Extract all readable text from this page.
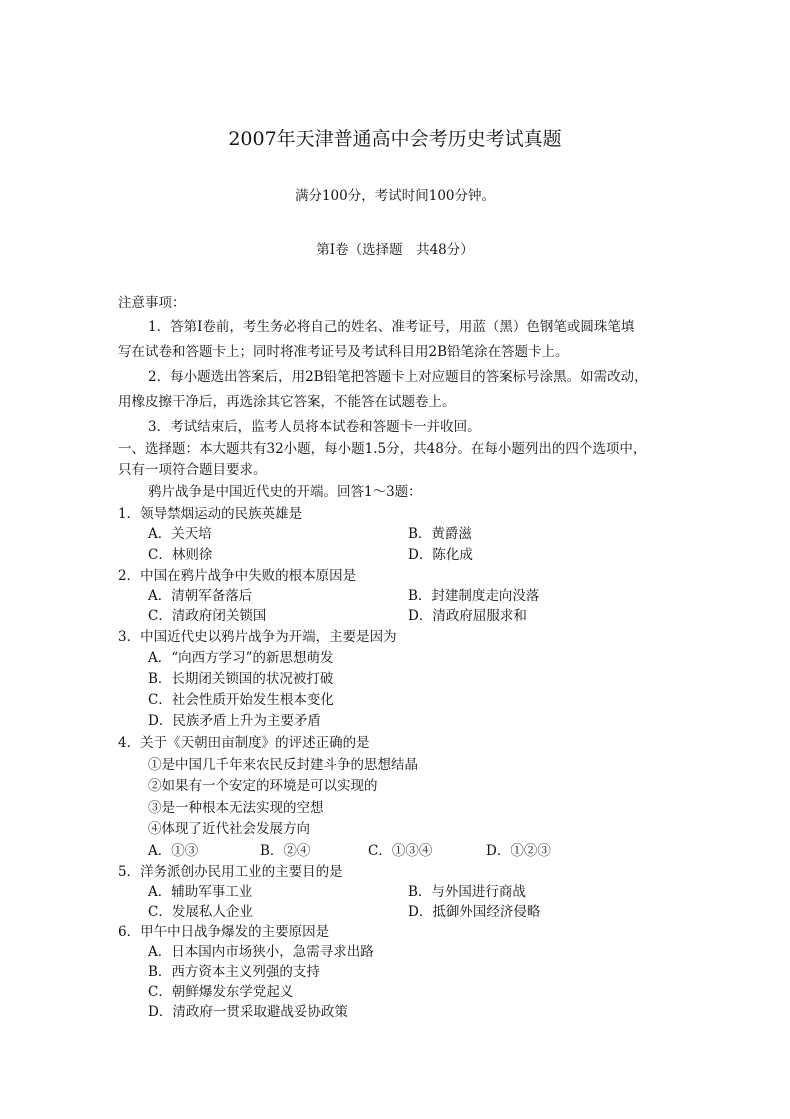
2007年天津普通高中会考历史考试真题
满分100分，考试时间100分钟。
第Ⅰ卷（选择题　共48分）
注意事项：
1．答第Ⅰ卷前，考生务必将自己的姓名、准考证号，用蓝（黑）色钢笔或圆珠笔填
写在试卷和答题卡上；同时将准考证号及考试科目用2B铅笔涂在答题卡上。
2．每小题选出答案后，用2B铅笔把答题卡上对应题目的答案标号涂黑。如需改动，
用橡皮擦干净后，再选涂其它答案，不能答在试题卷上。
3．考试结束后，监考人员将本试卷和答题卡一并收回。
一、选择题：本大题共有32小题，每小题1.5分，共48分。在每小题列出的四个选项中，
只有一项符合题目要求。
鸦片战争是中国近代史的开端。回答1～3题：
1．领导禁烟运动的民族英雄是
A．关天培	B．黄爵滋
C．林则徐	D．陈化成
2．中国在鸦片战争中失败的根本原因是
A．清朝军备落后	B．封建制度走向没落
C．清政府闭关锁国	D．清政府屈服求和
3．中国近代史以鸦片战争为开端，主要是因为
A．“向西方学习”的新思想萌发
B．长期闭关锁国的状况被打破
C．社会性质开始发生根本变化
D．民族矛盾上升为主要矛盾
4．关于《天朝田亩制度》的评述正确的是
①是中国几千年来农民反封建斗争的思想结晶
②如果有一个安定的环境是可以实现的
③是一种根本无法实现的空想
④体现了近代社会发展方向
A．①③	B．②④	C．①③④	D．①②③
5．洋务派创办民用工业的主要目的是
A．辅助军事工业	B．与外国进行商战
C．发展私人企业	D．抵御外国经济侵略
6．甲午中日战争爆发的主要原因是
A．日本国内市场狭小，急需寻求出路
B．西方资本主义列强的支持
C．朝鲜爆发东学党起义
D．清政府一贯采取避战妥协政策
